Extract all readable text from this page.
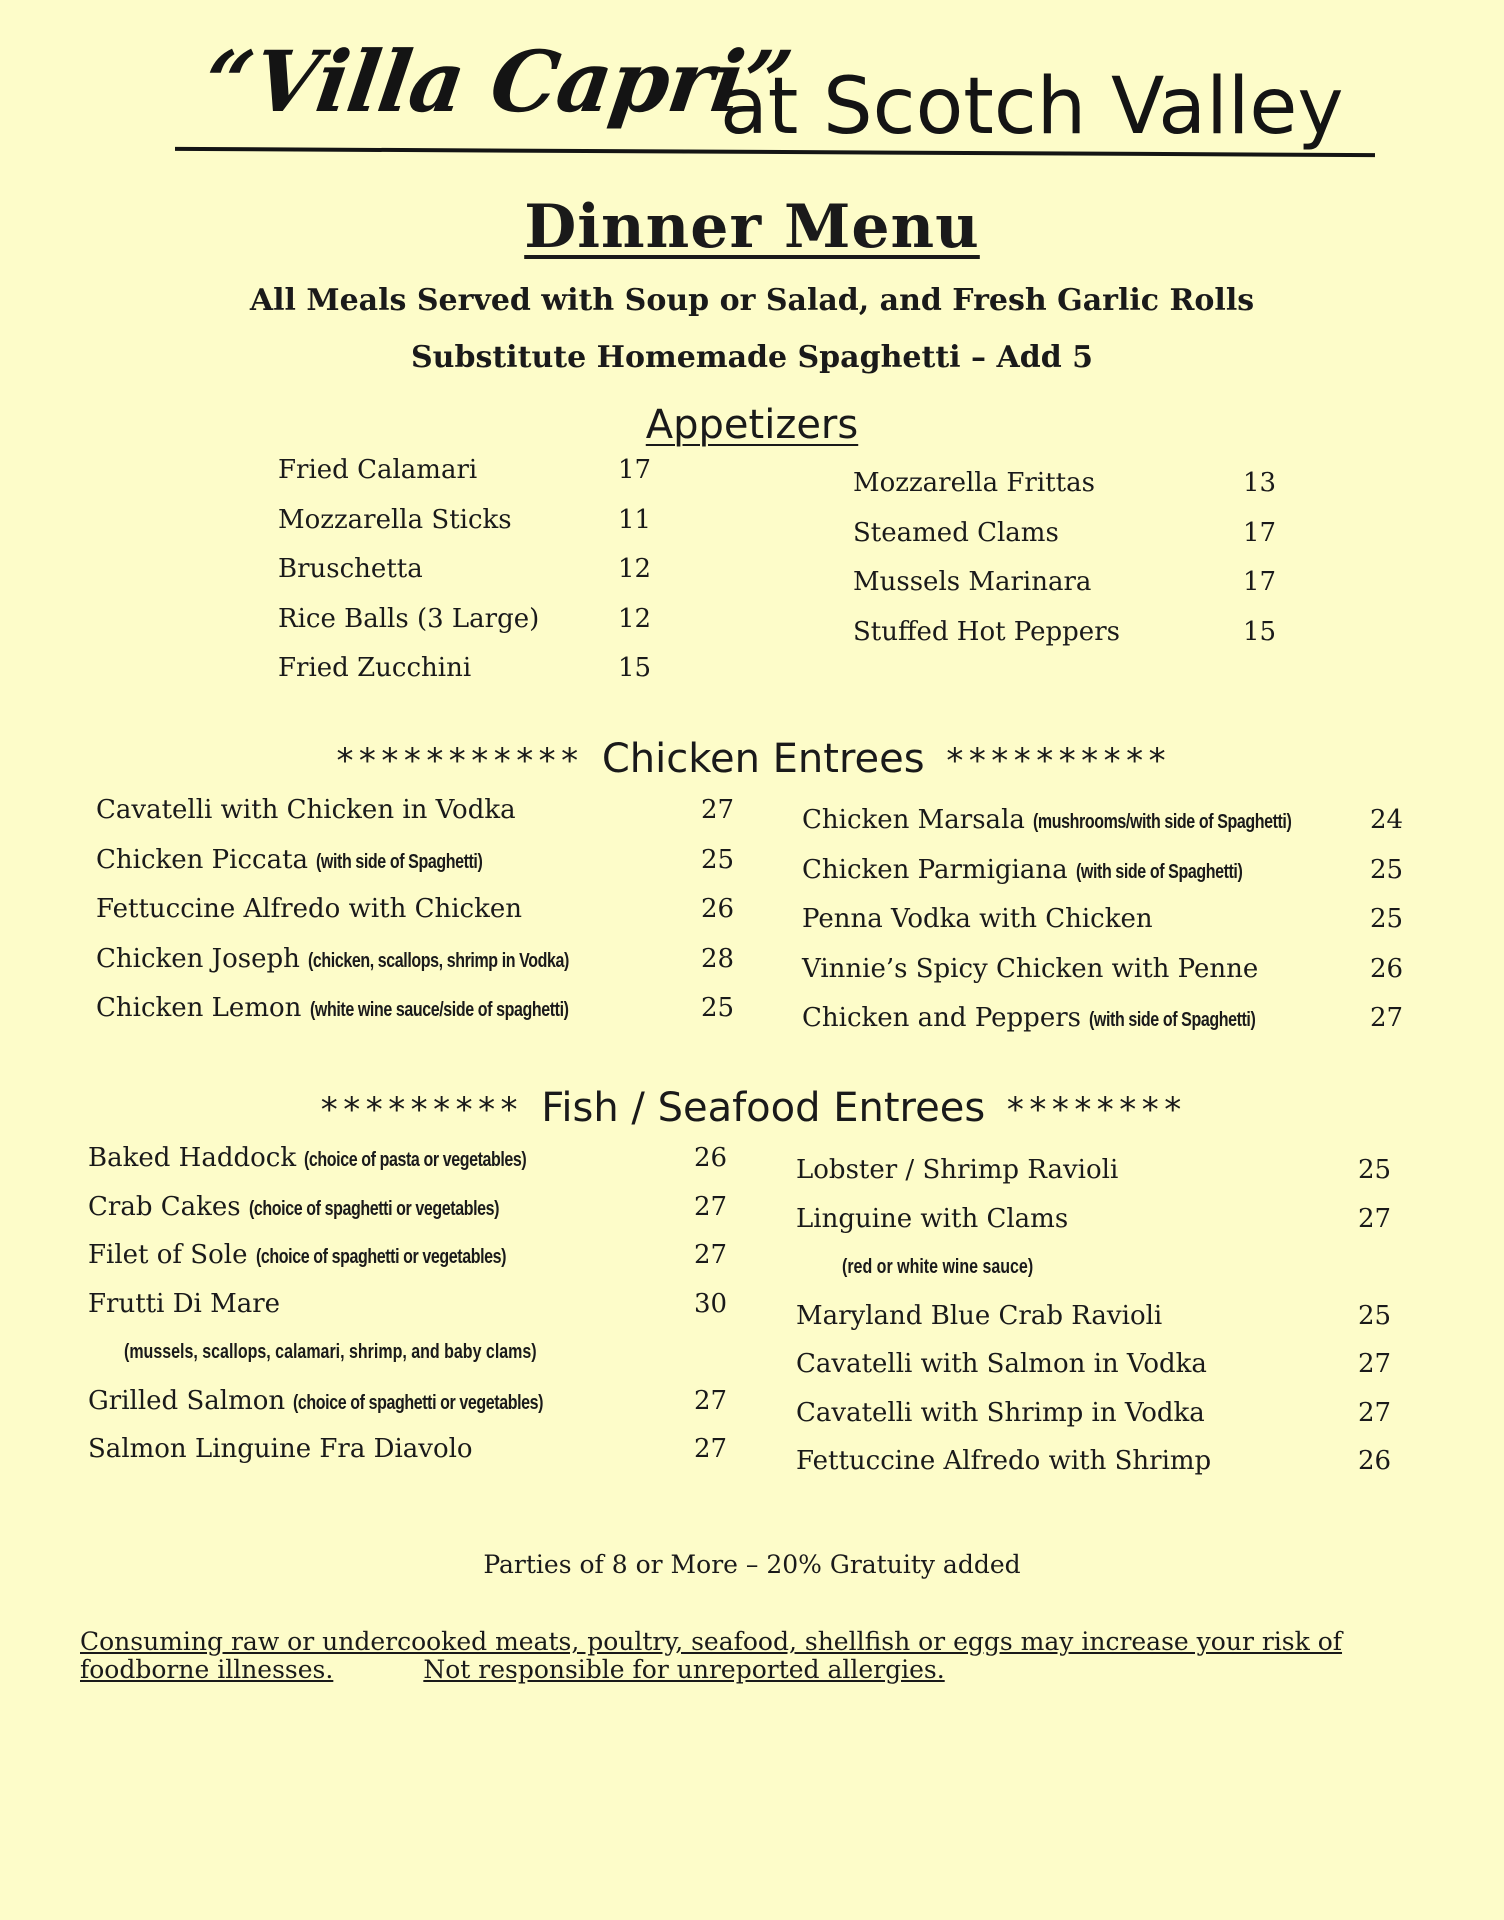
“Villa Capri”
at Scotch Valley
Dinner Menu
All Meals Served with Soup or Salad, and Fresh Garlic Rolls
Substitute Homemade Spaghetti – Add 5
Appetizers
Fried Calamari	17
Mozzarella Sticks	11
Bruschetta	12
Rice Balls (3 Large)	12
Fried Zucchini	15
Mozzarella Frittas	13
Steamed Clams	17
Mussels Marinara	17
Stuffed Hot Peppers	15
*********** Chicken Entrees **********
Cavatelli with Chicken in Vodka	27
Chicken Piccata (with side of Spaghetti)	25
Fettuccine Alfredo with Chicken	26
Chicken Joseph (chicken, scallops, shrimp in Vodka)	28
Chicken Lemon (white wine sauce/side of spaghetti)	25
Chicken Marsala (mushrooms/with side of Spaghetti)	24
Chicken Parmigiana (with side of Spaghetti)	25
Penna Vodka with Chicken	25
Vinnie’s Spicy Chicken with Penne	26
Chicken and Peppers (with side of Spaghetti)	27
********* Fish / Seafood Entrees ********
Baked Haddock (choice of pasta or vegetables)	26
Crab Cakes (choice of spaghetti or vegetables)	27
Filet of Sole (choice of spaghetti or vegetables)	27
Frutti Di Mare	30
(mussels, scallops, calamari, shrimp, and baby clams)
Grilled Salmon (choice of spaghetti or vegetables)	27
Salmon Linguine Fra Diavolo	27
Lobster / Shrimp Ravioli	25
Linguine with Clams	27
(red or white wine sauce)
Maryland Blue Crab Ravioli	25
Cavatelli with Salmon in Vodka	27
Cavatelli with Shrimp in Vodka	27
Fettuccine Alfredo with Shrimp	26
Parties of 8 or More – 20% Gratuity added
Consuming raw or undercooked meats, poultry, seafood, shellfish or eggs may increase your risk of foodborne illnesses.	Not responsible for unreported allergies.
